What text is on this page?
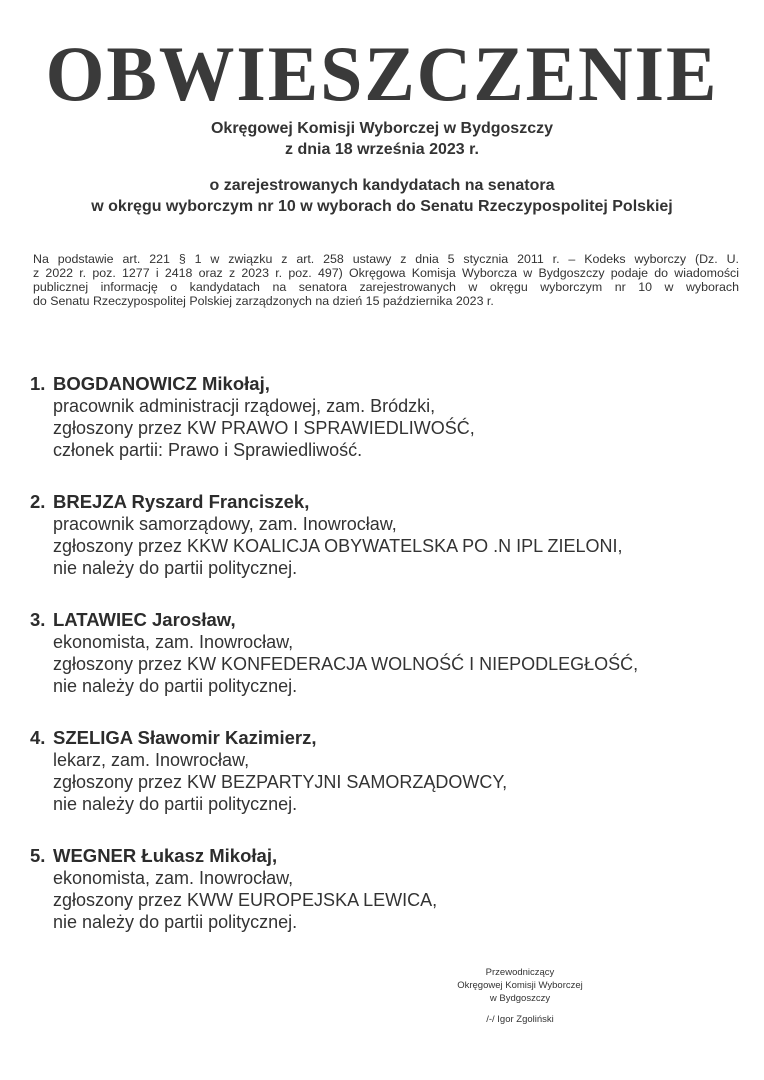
OBWIESZCZENIE
Okręgowej Komisji Wyborczej w Bydgoszczy
z dnia 18 września 2023 r.
o zarejestrowanych kandydatach na senatora
w okręgu wyborczym nr 10 w wyborach do Senatu Rzeczypospolitej Polskiej
Na podstawie art. 221 § 1 w związku z art. 258 ustawy z dnia 5 stycznia 2011 r. – Kodeks wyborczy (Dz. U.
z 2022 r. poz. 1277 i 2418 oraz z 2023 r. poz. 497) Okręgowa Komisja Wyborcza w Bydgoszczy podaje do wiadomości
publicznej informację o kandydatach na senatora zarejestrowanych w okręgu wyborczym nr 10 w wyborach
do Senatu Rzeczypospolitej Polskiej zarządzonych na dzień 15 października 2023 r.
1. BOGDANOWICZ Mikołaj,
pracownik administracji rządowej, zam. Bródzki,
zgłoszony przez KW PRAWO I SPRAWIEDLIWOŚĆ,
członek partii: Prawo i Sprawiedliwość.
2. BREJZA Ryszard Franciszek,
pracownik samorządowy, zam. Inowrocław,
zgłoszony przez KKW KOALICJA OBYWATELSKA PO .N IPL ZIELONI,
nie należy do partii politycznej.
3. LATAWIEC Jarosław,
ekonomista, zam. Inowrocław,
zgłoszony przez KW KONFEDERACJA WOLNOŚĆ I NIEPODLEGŁOŚĆ,
nie należy do partii politycznej.
4. SZELIGA Sławomir Kazimierz,
lekarz, zam. Inowrocław,
zgłoszony przez KW BEZPARTYJNI SAMORZĄDOWCY,
nie należy do partii politycznej.
5. WEGNER Łukasz Mikołaj,
ekonomista, zam. Inowrocław,
zgłoszony przez KWW EUROPEJSKA LEWICA,
nie należy do partii politycznej.
Przewodniczący
Okręgowej Komisji Wyborczej
w Bydgoszczy
/-/ Igor Zgoliński
